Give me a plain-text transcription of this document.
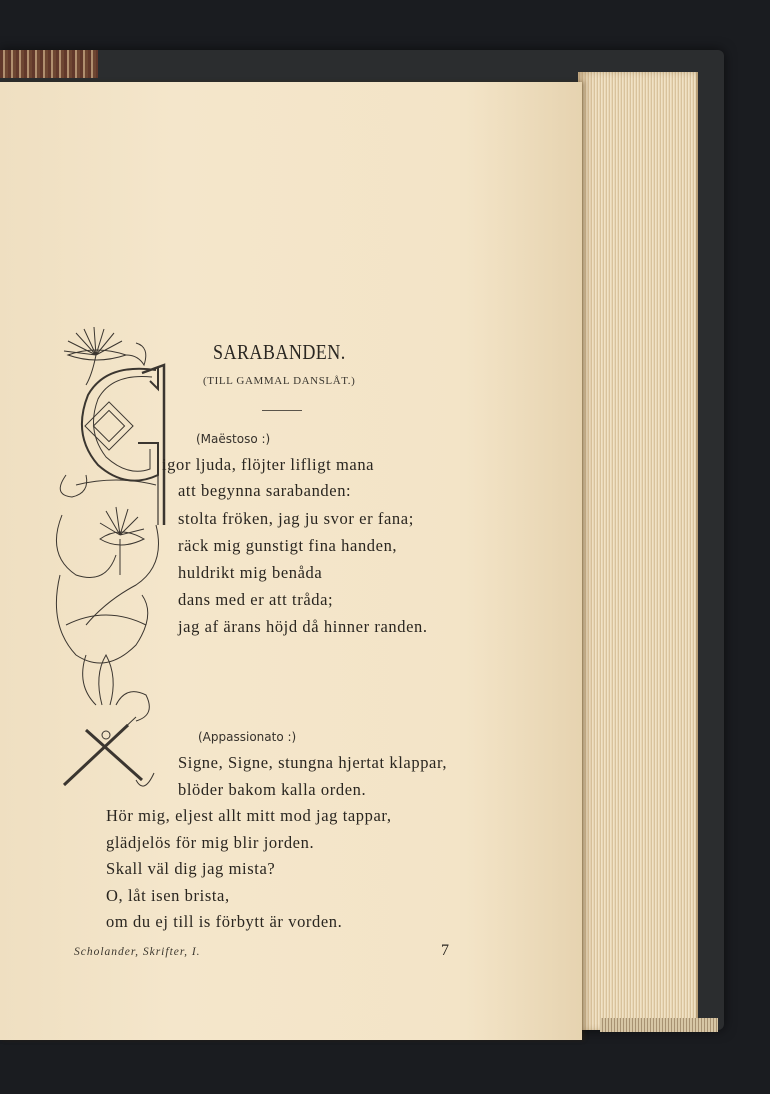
SARABANDEN.
(TILL GAMMAL DANSLÅT.)
(Maëstoso :)
igor ljuda, flöjter lifligt mana
att begynna sarabanden:
stolta fröken, jag ju svor er fana;
räck mig gunstigt fina handen,
huldrikt mig benåda
dans med er att tråda;
jag af ärans höjd då hinner randen.
(Appassionato :)
Signe, Signe, stungna hjertat klappar,
blöder bakom kalla orden.
Hör mig, eljest allt mitt mod jag tappar,
glädjelös för mig blir jorden.
Skall väl dig jag mista?
O, låt isen brista,
om du ej till is förbytt är vorden.
Scholander, Skrifter, I.	7
